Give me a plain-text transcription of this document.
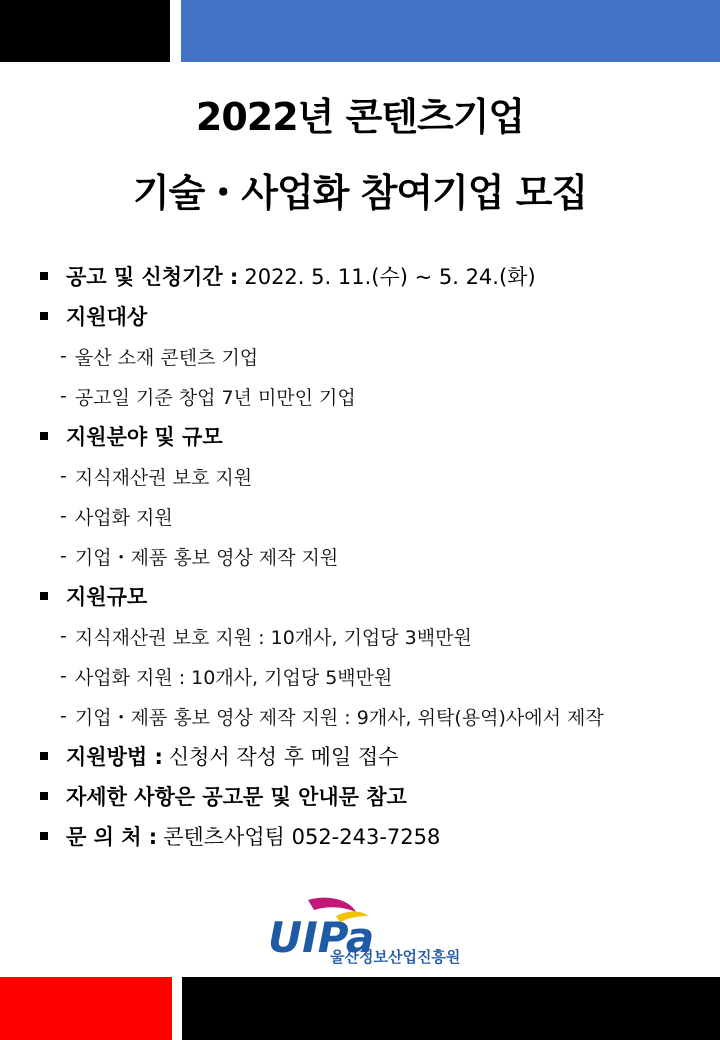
2022년 콘텐츠기업
기술・사업화 참여기업 모집
공고 및 신청기간 : 2022. 5. 11.(수) ~ 5. 24.(화)
지원대상
- 울산 소재 콘텐츠 기업
- 공고일 기준 창업 7년 미만인 기업
지원분야 및 규모
- 지식재산권 보호 지원
- 사업화 지원
- 기업・제품 홍보 영상 제작 지원
지원규모
- 지식재산권 보호 지원 : 10개사, 기업당 3백만원
- 사업화 지원 : 10개사, 기업당 5백만원
- 기업・제품 홍보 영상 제작 지원 : 9개사, 위탁(용역)사에서 제작
지원방법 : 신청서 작성 후 메일 접수
자세한 사항은 공고문 및 안내문 참고
문 의 처 : 콘텐츠사업팀 052-243-7258
UIPa
울산정보산업진흥원
